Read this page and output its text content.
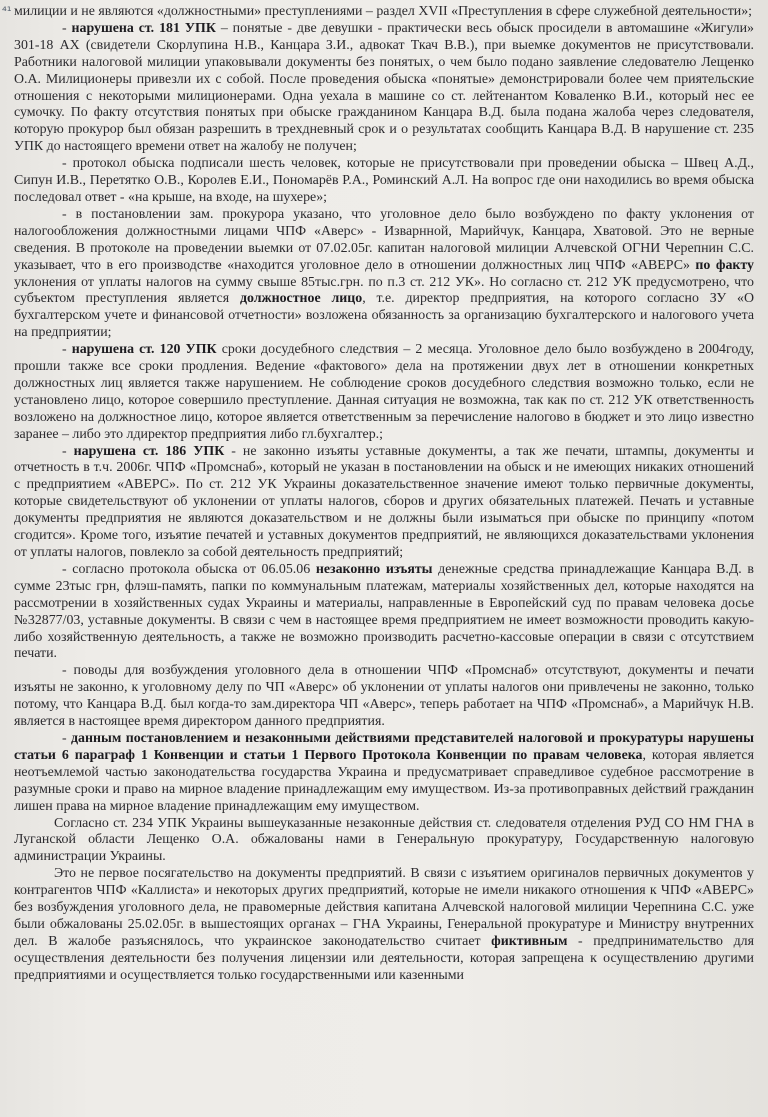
⁴¹ милиции и не являются «должностными» преступлениями – раздел XVII «Преступления в сфере служебной деятельности»;

- нарушена ст. 181 УПК – понятые - две девушки - практически весь обыск просидели в автомашине «Жигули» 301-18 АХ (свидетели Скорлупина Н.В., Канцара З.И., адвокат Ткач В.В.), при выемке документов не присутствовали. Работники налоговой милиции упаковывали документы без понятых, о чем было подано заявление следователю Лещенко О.А. Милиционеры привезли их с собой. После проведения обыска «понятые» демонстрировали более чем приятельские отношения с некоторыми милиционерами. Одна уехала в машине со ст. лейтенантом Коваленко В.И., который нес ее сумочку. По факту отсутствия понятых при обыске гражданином Канцара В.Д. была подана жалоба через следователя, которую прокурор был обязан разрешить в трехдневный срок и о результатах сообщить Канцара В.Д. В нарушение ст. 235 УПК до настоящего времени ответ на жалобу не получен;

- протокол обыска подписали шесть человек, которые не присутствовали при проведении обыска – Швец А.Д., Сипун И.В., Перетятко О.В., Королев Е.И., Пономарёв Р.А., Роминский А.Л. На вопрос где они находились во время обыска последовал ответ - «на крыше, на входе, на шухере»;

- в постановлении зам. прокурора указано, что уголовное дело было возбуждено по факту уклонения от налогообложения должностными лицами ЧПФ «Аверс» - Изварнной, Марийчук, Канцара, Хватовой. Это не верные сведения. В протоколе на проведении выемки от 07.02.05г. капитан налоговой милиции Алчевской ОГНИ Черепнин С.С. указывает, что в его производстве «находится уголовное дело в отношении должностных лиц ЧПФ «АВЕРС» по факту уклонения от уплаты налогов на сумму свыше 85тыс.грн. по п.3 ст. 212 УК». Но согласно ст. 212 УК предусмотрено, что субъектом преступления является должностное лицо, т.е. директор предприятия, на которого согласно ЗУ «О бухгалтерском учете и финансовой отчетности» возложена обязанность за организацию бухгалтерского и налогового учета на предприятии;

- нарушена ст. 120 УПК сроки досудебного следствия – 2 месяца. Уголовное дело было возбуждено в 2004году, прошли также все сроки продления. Ведение «фактового» дела на протяжении двух лет в отношении конкретных должностных лиц является также нарушением. Не соблюдение сроков досудебного следствия возможно только, если не установлено лицо, которое совершило преступление. Данная ситуация не возможна, так как по ст. 212 УК ответственность возложено на должностное лицо, которое является ответственным за перечисление налогово в бюджет и это лицо известно заранее – либо это лдиректор предприятия либо гл.бухгалтер.;

- нарушена ст. 186 УПК - не законно изъяты уставные документы, а так же печати, штампы, документы и отчетность в т.ч. 2006г. ЧПФ «Промснаб», который не указан в постановлении на обыск и не имеющих никаких отношений с предприятием «АВЕРС». По ст. 212 УК Украины доказательственное значение имеют только первичные документы, которые свидетельствуют об уклонении от уплаты налогов, сборов и других обязательных платежей. Печать и уставные документы предприятия не являются доказательством и не должны были изыматься при обыске по принципу «потом сгодится». Кроме того, изъятие печатей и уставных документов предприятий, не являющихся доказательствами уклонения от уплаты налогов, повлекло за собой деятельность предприятий;

- согласно протокола обыска от 06.05.06 незаконно изъяты денежные средства принадлежащие Канцара В.Д. в сумме 23тыс грн, флэш-память, папки по коммунальным платежам, материалы хозяйственных дел, которые находятся на рассмотрении в хозяйственных судах Украины и материалы, направленные в Европейский суд по правам человека досье №32877/03, уставные документы. В связи с чем в настоящее время предприятием не имеет возможности проводить какую-либо хозяйственную деятельность, а также не возможно производить расчетно-кассовые операции в связи с отсутствием печати.

- поводы для возбуждения уголовного дела в отношении ЧПФ «Промснаб» отсутствуют, документы и печати изъяты не законно, к уголовному делу по ЧП «Аверс» об уклонении от уплаты налогов они привлечены не законно, только потому, что Канцара В.Д. был когда-то зам.директора ЧП «Аверс», теперь работает на ЧПФ «Промснаб», а Марийчук Н.В. является в настоящее время директором данного предприятия.

- данным постановлением и незаконными действиями представителей налоговой и прокуратуры нарушены статьи 6 параграф 1 Конвенции и статьи 1 Первого Протокола Конвенции по правам человека, которая является неотъемлемой частью законодательства государства Украина и предусматривает справедливое судебное рассмотрение в разумные сроки и право на мирное владение принадлежащим ему имуществом. Из-за противоправных действий гражданин лишен права на мирное владение принадлежащим ему имуществом.

Согласно ст. 234 УПК Украины вышеуказанные незаконные действия ст. следователя отделения РУД СО НМ ГНА в Луганской области Лещенко О.А. обжалованы нами в Генеральную прокуратуру, Государственную налоговую администрации Украины.

Это не первое посягательство на документы предприятий. В связи с изъятием оригиналов первичных документов у контрагентов ЧПФ «Каллиста» и некоторых других предприятий, которые не имели никакого отношения к ЧПФ «АВЕРС» без возбуждения уголовного дела, не правомерные действия капитана Алчевской налоговой милиции Черепнина С.С. уже были обжалованы 25.02.05г. в вышестоящих органах – ГНА Украины, Генеральной прокуратуре и Министру внутренних дел. В жалобе разъяснялось, что украинское законодательство считает фиктивным - предпринимательство для осуществления деятельности без получения лицензии или деятельности, которая запрещена к осуществлению другими предприятиями и осуществляется только государственными или казенными
